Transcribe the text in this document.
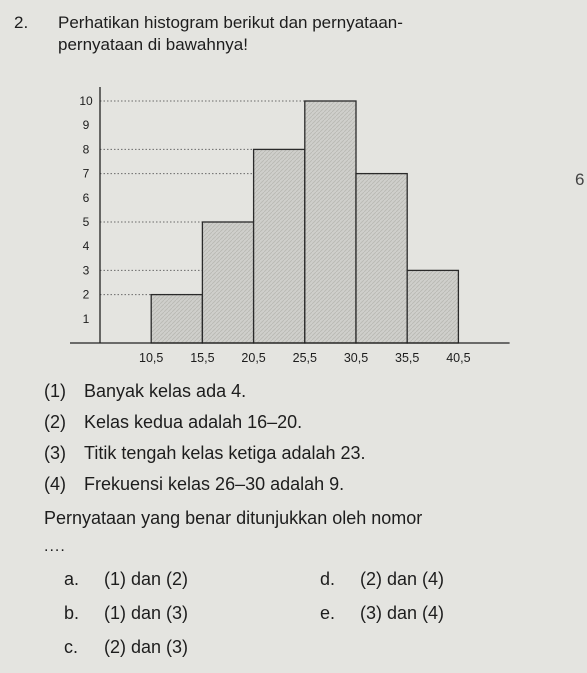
2. Perhatikan histogram berikut dan pernyataan-
pernyataan di bawahnya!
6
1
2
3
4
5
6
7
8
9
10
10,5 15,5 20,5 25,5 30,5 35,5 40,5
(1) Banyak kelas ada 4.
(2) Kelas kedua adalah 16–20.
(3) Titik tengah kelas ketiga adalah 23.
(4) Frekuensi kelas 26–30 adalah 9.
Pernyataan yang benar ditunjukkan oleh nomor
....
a. (1) dan (2)
b. (1) dan (3)
c. (2) dan (3)
d. (2) dan (4)
e. (3) dan (4)
